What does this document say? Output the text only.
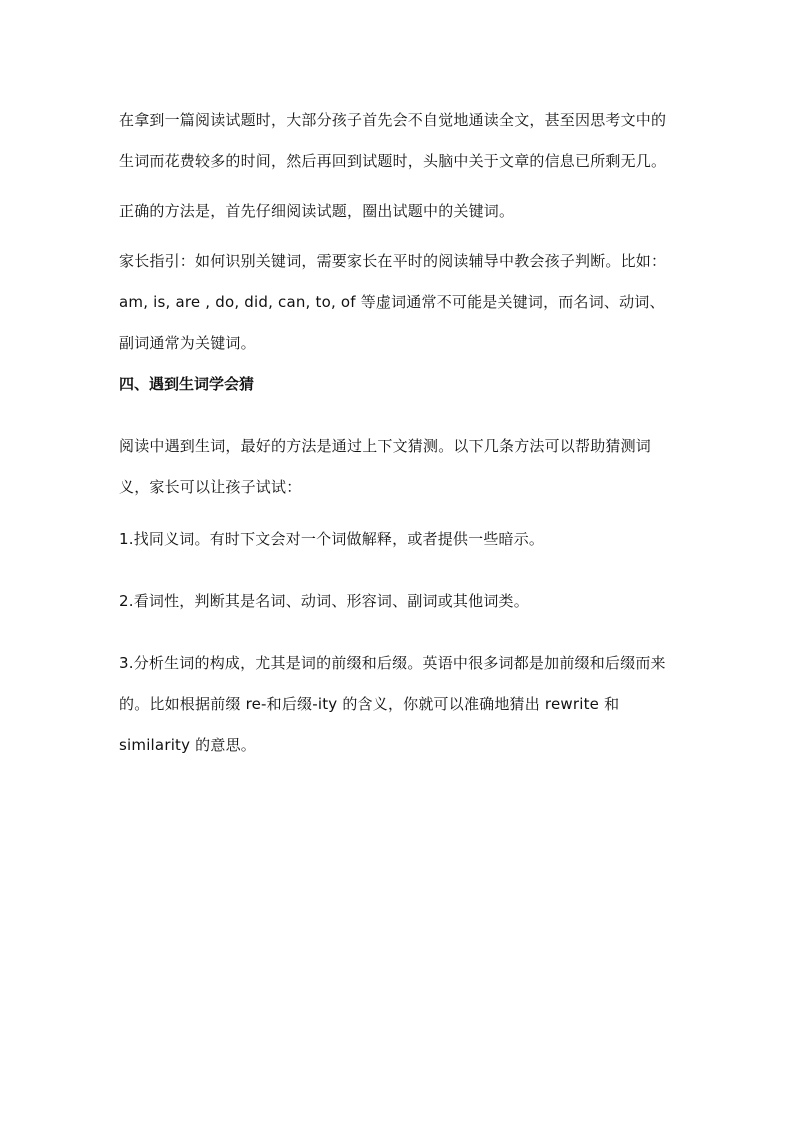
在拿到一篇阅读试题时，大部分孩子首先会不自觉地通读全文，甚至因思考文中的生词而花费较多的时间，然后再回到试题时，头脑中关于文章的信息已所剩无几。

正确的方法是，首先仔细阅读试题，圈出试题中的关键词。

家长指引：如何识别关键词，需要家长在平时的阅读辅导中教会孩子判断。比如：am, is, are , do, did, can, to, of 等虚词通常不可能是关键词，而名词、动词、副词通常为关键词。

四、遇到生词学会猜

阅读中遇到生词，最好的方法是通过上下文猜测。以下几条方法可以帮助猜测词义，家长可以让孩子试试：

1.找同义词。有时下文会对一个词做解释，或者提供一些暗示。

2.看词性，判断其是名词、动词、形容词、副词或其他词类。

3.分析生词的构成，尤其是词的前缀和后缀。英语中很多词都是加前缀和后缀而来的。比如根据前缀 re-和后缀-ity 的含义，你就可以准确地猜出 rewrite 和 similarity 的意思。
